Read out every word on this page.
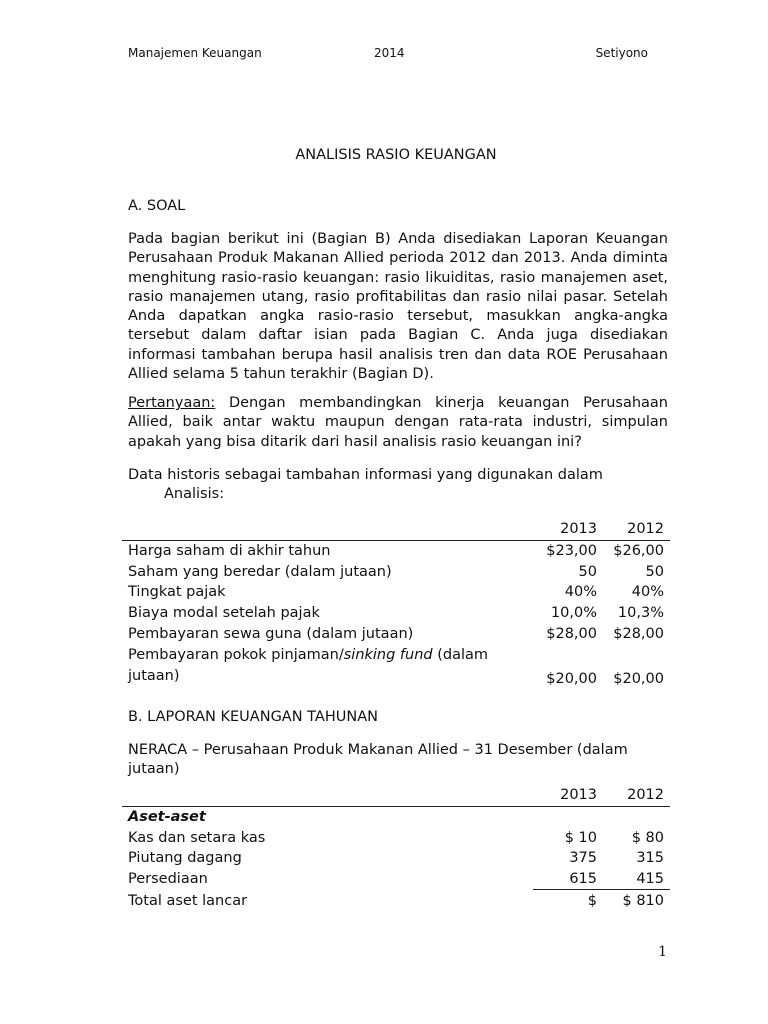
Manajemen Keuangan	2014	Setiyono
ANALISIS RASIO KEUANGAN
A. SOAL
Pada bagian berikut ini (Bagian B) Anda disediakan Laporan Keuangan Perusahaan Produk Makanan Allied perioda 2012 dan 2013. Anda diminta menghitung rasio-rasio keuangan: rasio likuiditas, rasio manajemen aset, rasio manajemen utang, rasio profitabilitas dan rasio nilai pasar. Setelah Anda dapatkan angka rasio-rasio tersebut, masukkan angka-angka tersebut dalam daftar isian pada Bagian C. Anda juga disediakan informasi tambahan berupa hasil analisis tren dan data ROE Perusahaan Allied selama 5 tahun terakhir (Bagian D).
Pertanyaan: Dengan membandingkan kinerja keuangan Perusahaan Allied, baik antar waktu maupun dengan rata-rata industri, simpulan apakah yang bisa ditarik dari hasil analisis rasio keuangan ini?
Data historis sebagai tambahan informasi yang digunakan dalam
Analisis:
	2013	2012
Harga saham di akhir tahun	$23,00	$26,00
Saham yang beredar (dalam jutaan)	50	50
Tingkat pajak	40%	40%
Biaya modal setelah pajak	10,0%	10,3%
Pembayaran sewa guna (dalam jutaan)	$28,00	$28,00
Pembayaran pokok pinjaman/sinking fund (dalam jutaan)	$20,00	$20,00
B. LAPORAN KEUANGAN TAHUNAN
NERACA – Perusahaan Produk Makanan Allied – 31 Desember (dalam jutaan)
	2013	2012
Aset-aset		
Kas dan setara kas	$ 10	$ 80
Piutang dagang	375	315
Persediaan	615	415
Total aset lancar	$	$ 810
1
